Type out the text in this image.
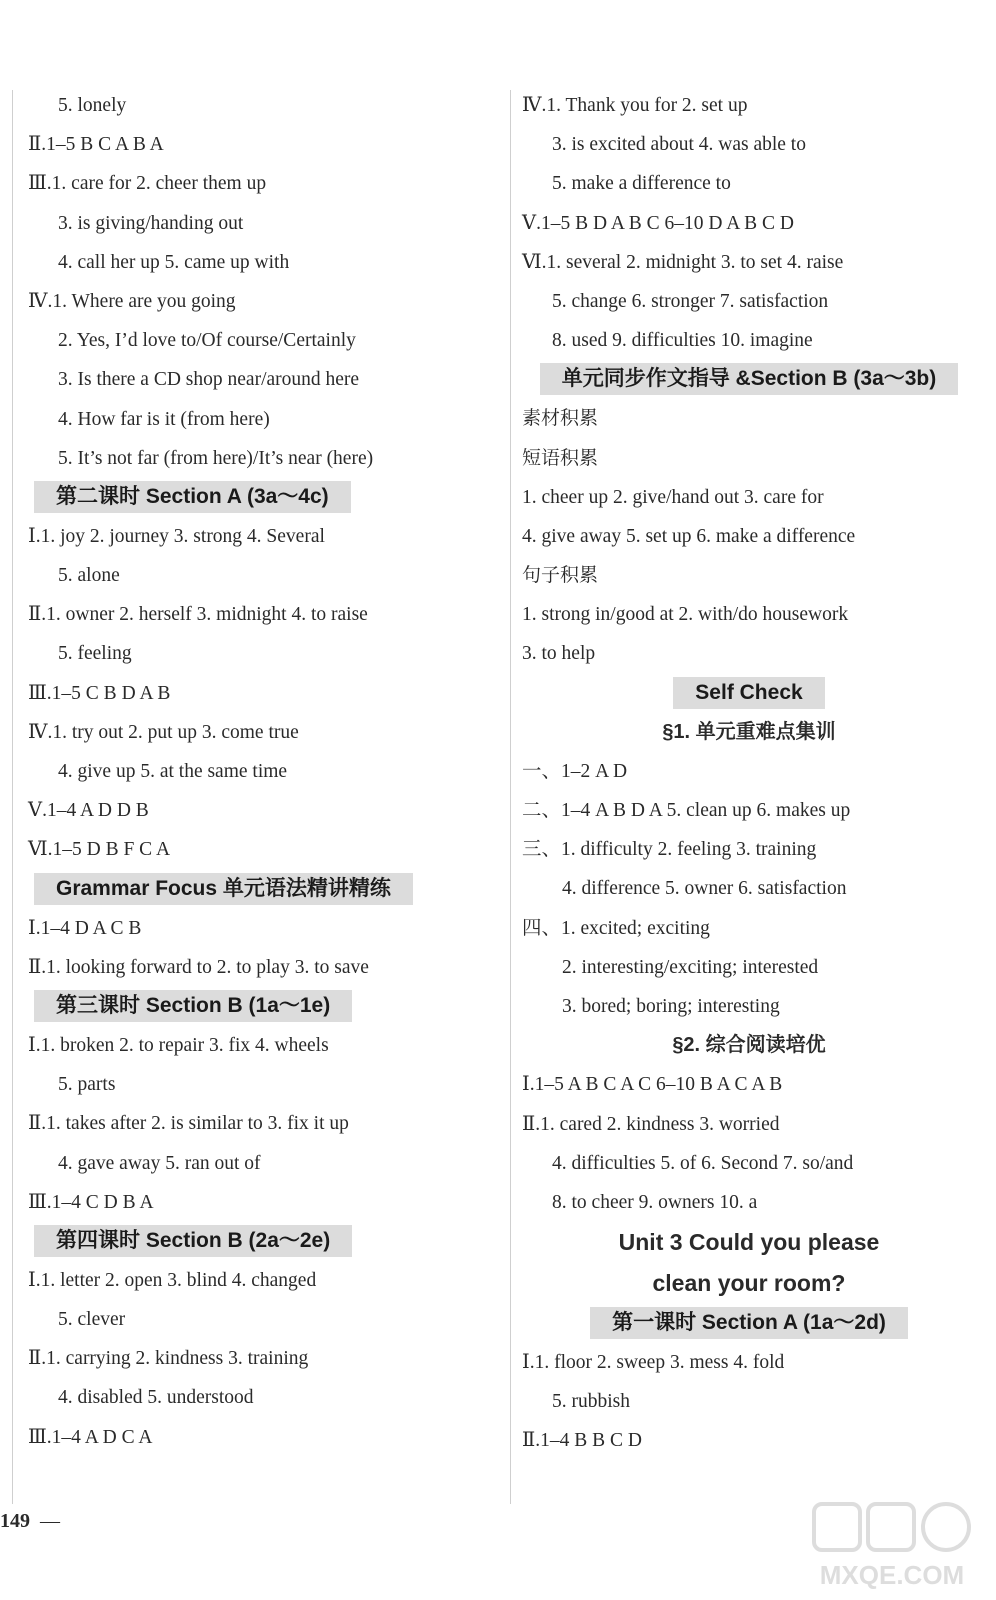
5. lonely
Ⅱ.1–5 B C A B A
Ⅲ.1. care for 2. cheer them up
3. is giving/handing out
4. call her up 5. came up with
Ⅳ.1. Where are you going
2. Yes, I’d love to/Of course/Certainly
3. Is there a CD shop near/around here
4. How far is it (from here)
5. It’s not far (from here)/It’s near (here)
第二课时 Section A (3a～4c)
Ⅰ.1. joy 2. journey 3. strong 4. Several
5. alone
Ⅱ.1. owner 2. herself 3. midnight 4. to raise
5. feeling
Ⅲ.1–5 C B D A B
Ⅳ.1. try out 2. put up 3. come true
4. give up 5. at the same time
Ⅴ.1–4 A D D B
Ⅵ.1–5 D B F C A
Grammar Focus 单元语法精讲精练
Ⅰ.1–4 D A C B
Ⅱ.1. looking forward to 2. to play 3. to save
第三课时 Section B (1a～1e)
Ⅰ.1. broken 2. to repair 3. fix 4. wheels
5. parts
Ⅱ.1. takes after 2. is similar to 3. fix it up
4. gave away 5. ran out of
Ⅲ.1–4 C D B A
第四课时 Section B (2a～2e)
Ⅰ.1. letter 2. open 3. blind 4. changed
5. clever
Ⅱ.1. carrying 2. kindness 3. training
4. disabled 5. understood
Ⅲ.1–4 A D C A
Ⅳ.1. Thank you for 2. set up
3. is excited about 4. was able to
5. make a difference to
Ⅴ.1–5 B D A B C 6–10 D A B C D
Ⅵ.1. several 2. midnight 3. to set 4. raise
5. change 6. stronger 7. satisfaction
8. used 9. difficulties 10. imagine
单元同步作文指导 &Section B (3a～3b)
素材积累
短语积累
1. cheer up 2. give/hand out 3. care for
4. give away 5. set up 6. make a difference
句子积累
1. strong in/good at 2. with/do housework
3. to help
Self Check
§1. 单元重难点集训
一、1–2 A D
二、1–4 A B D A 5. clean up 6. makes up
三、1. difficulty 2. feeling 3. training
4. difference 5. owner 6. satisfaction
四、1. excited; exciting
2. interesting/exciting; interested
3. bored; boring; interesting
§2. 综合阅读培优
Ⅰ.1–5 A B C A C 6–10 B A C A B
Ⅱ.1. cared 2. kindness 3. worried
4. difficulties 5. of 6. Second 7. so/and
8. to cheer 9. owners 10. a
Unit 3 Could you please
clean your room?
第一课时 Section A (1a～2d)
Ⅰ.1. floor 2. sweep 3. mess 4. fold
5. rubbish
Ⅱ.1–4 B B C D
149 —
MXQE.COM
